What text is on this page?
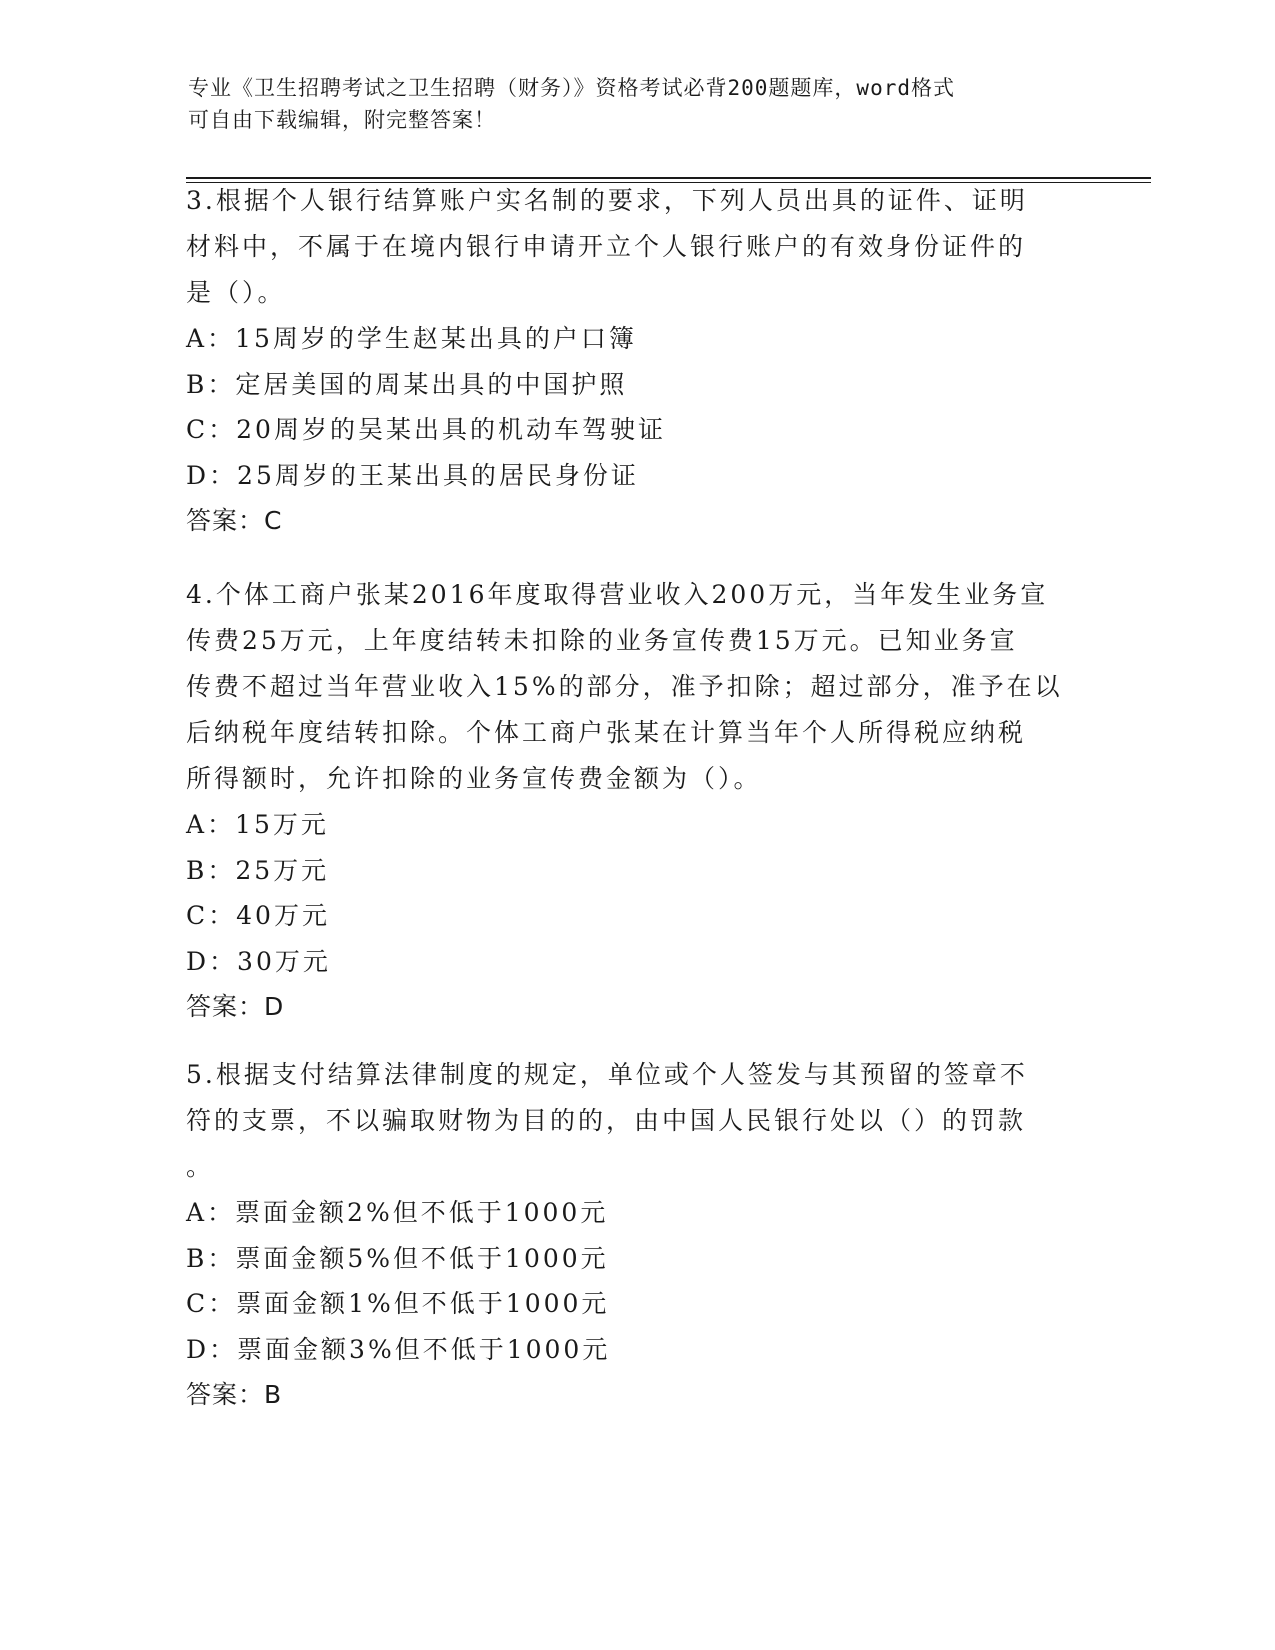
专业《卫生招聘考试之卫生招聘（财务）》资格考试必背200题题库，word格式
可自由下载编辑，附完整答案！
3.根据个人银行结算账户实名制的要求，下列人员出具的证件、证明
材料中，不属于在境内银行申请开立个人银行账户的有效身份证件的
是（）。
A：15周岁的学生赵某出具的户口簿
B：定居美国的周某出具的中国护照
C：20周岁的吴某出具的机动车驾驶证
D：25周岁的王某出具的居民身份证
答案：C
4.个体工商户张某2016年度取得营业收入200万元，当年发生业务宣
传费25万元，上年度结转未扣除的业务宣传费15万元。已知业务宣
传费不超过当年营业收入15%的部分，准予扣除；超过部分，准予在以
后纳税年度结转扣除。个体工商户张某在计算当年个人所得税应纳税
所得额时，允许扣除的业务宣传费金额为（）。
A：15万元
B：25万元
C：40万元
D：30万元
答案：D
5.根据支付结算法律制度的规定，单位或个人签发与其预留的签章不
符的支票，不以骗取财物为目的的，由中国人民银行处以（）的罚款
。
A：票面金额2%但不低于1000元
B：票面金额5%但不低于1000元
C：票面金额1%但不低于1000元
D：票面金额3%但不低于1000元
答案：B
